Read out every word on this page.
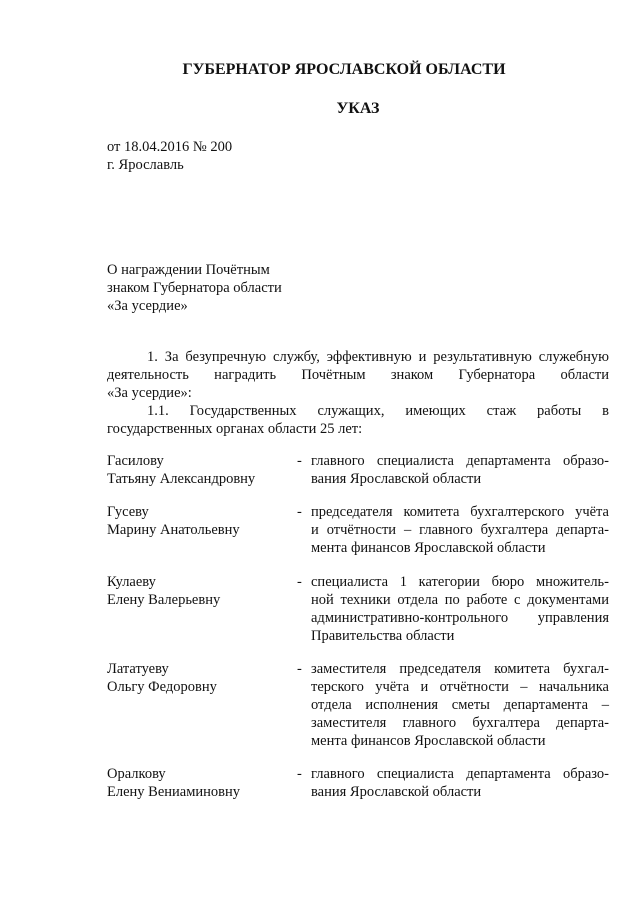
ГУБЕРНАТОР ЯРОСЛАВСКОЙ ОБЛАСТИ
УКАЗ
от 18.04.2016 № 200
г. Ярославль
О награждении Почётным
знаком Губернатора области
«За усердие»
1. За безупречную службу, эффективную и результативную служебную
деятельность наградить Почётным знаком Губернатора области
«За усердие»:
1.1. Государственных служащих, имеющих стаж работы в
государственных органах области 25 лет:
Гасилову
Татьяну Александровну
- главного специалиста департамента образо-
вания Ярославской области
Гусеву
Марину Анатольевну
- председателя комитета бухгалтерского учёта
и отчётности – главного бухгалтера департа-
мента финансов Ярославской области
Кулаеву
Елену Валерьевну
- специалиста 1 категории бюро множитель-
ной техники отдела по работе с документами
административно-контрольного управления
Правительства области
Лататуеву
Ольгу Федоровну
- заместителя председателя комитета бухгал-
терского учёта и отчётности – начальника
отдела исполнения сметы департамента –
заместителя главного бухгалтера департа-
мента финансов Ярославской области
Оралкову
Елену Вениаминовну
- главного специалиста департамента образо-
вания Ярославской области
